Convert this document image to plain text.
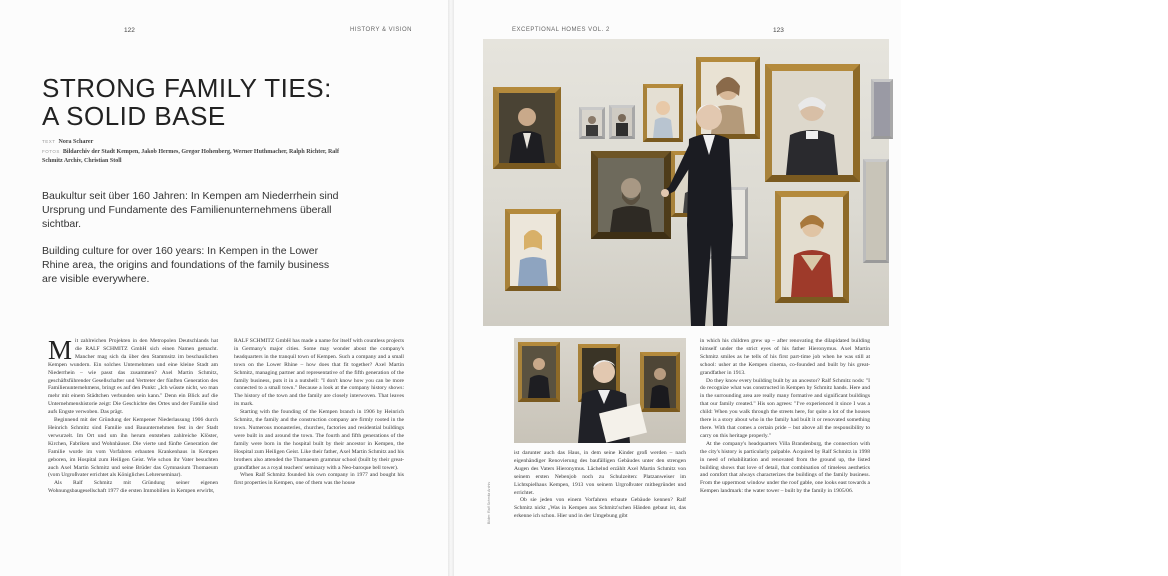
122	HISTORY & VISION	EXCEPTIONAL HOMES VOL. 2	123
STRONG FAMILY TIES:
A SOLID BASE
TEXT Nora Scharer
FOTOS Bildarchiv der Stadt Kempen, Jakob Hermes, Gregor Hohenberg, Werner Huthmacher, Ralph Richter, Ralf Schmitz Archiv, Christian Stoll
Baukultur seit über 160 Jahren: In Kempen am Niederrhein sind Ursprung und Fundamente des Familienunternehmens überall sichtbar.
Building culture for over 160 years: In Kempen in the Lower Rhine area, the origins and foundations of the family business are visible everywhere.

Mit zahlreichen Projekten in den Metropolen Deutschlands hat die RALF SCHMITZ GmbH sich einen Namen gemacht. Mancher mag sich da über den Stammsitz im beschaulichen Kempen wundern. Ein solches Unternehmen und eine kleine Stadt am Niederrhein – wie passt das zusammen? Axel Martin Schmitz, geschäftsführender Gesellschafter und Vertreter der fünften Generation des Familienunternehmens, bringt es auf den Punkt: „Ich wüsste nicht, wo man mehr mit einem Städtchen verbunden sein kann." Denn ein Blick auf die Unternehmenshistorie zeigt: Die Geschichte des Ortes und der Familie sind aufs Engste verwoben. Das prägt.

Beginnend mit der Gründung der Kempener Niederlassung 1906 durch Heinrich Schmitz sind Familie und Bauunternehmen fest in der Stadt verwurzelt. Im Ort und um ihn herum entstehen zahlreiche Klöster, Kirchen, Fabriken und Wohnhäuser. Die vierte und fünfte Generation der Familie wurde im vom Vorfahren erbauten Krankenhaus in Kempen geboren, im Hospital zum Heiligen Geist. Wie schon ihr Vater besuchten auch Axel Martin Schmitz und seine Brüder das Gymnasium Thomaeum (vom Urgroßvater errichtet als Königliches Lehrerseminar).

Als Ralf Schmitz mit Gründung seiner eigenen Wohnungsbaugesellschaft 1977 die ersten Immobilien in Kempen erwirbt,

RALF SCHMITZ GmbH has made a name for itself with countless projects in Germany's major cities. Some may wonder about the company's headquarters in the tranquil town of Kempen. Such a company and a small town on the Lower Rhine – how does that fit together? Axel Martin Schmitz, managing partner and representative of the fifth generation of the family business, puts it in a nutshell: "I don't know how you can be more connected to a small town." Because a look at the company history shows: The history of the town and the family are closely interwoven. That leaves its mark.

Starting with the founding of the Kempen branch in 1906 by Heinrich Schmitz, the family and the construction company are firmly rooted in the town. Numerous monasteries, churches, factories and residential buildings were built in and around the town. The fourth and fifth generations of the family were born in the hospital built by their ancestor in Kempen, the Hospital zum Heiligen Geist. Like their father, Axel Martin Schmitz and his brothers also attended the Thomaeum grammar school (built by their great-grandfather as a royal teachers' seminary with a Neo-baroque bell tower).

When Ralf Schmitz founded his own company in 1977 and bought his first properties in Kempen, one of them was the house

ist darunter auch das Haus, in dem seine Kinder groß werden – nach eigenhändiger Renovierung des baufälligen Gebäudes unter den strengen Augen des Vaters Hieronymus. Lächelnd erzählt Axel Martin Schmitz von seinem ersten Nebenjob noch zu Schulzeiten: Platzanweiser im Lichtspielhaus Kempen, 1913 von seinem Urgroßvater mitbegründet und errichtet.

Ob sie jeden von einem Vorfahren erbaute Gebäude kennen? Ralf Schmitz nickt „Was in Kempen aus Schmitz'schen Händen gebaut ist, das erkenne ich schon. Hier und in der Umgebung gibt

in which his children grew up – after renovating the dilapidated building himself under the strict eyes of his father Hieronymus. Axel Martin Schmitz smiles as he tells of his first part-time job when he was still at school: usher at the Kempen cinema, co-founded and built by his great-grandfather in 1913.

Do they know every building built by an ancestor? Ralf Schmitz nods: "I do recognize what was constructed in Kempen by Schmitz hands. Here and in the surrounding area are really many formative and significant buildings that our family created." His son agrees: "I've experienced it since I was a child: When you walk through the streets here, for quite a lot of the houses there is a story about who in the family had built it or renovated something there. With that comes a certain pride – but above all the responsibility to carry on this heritage properly."

At the company's headquarters Villa Brandenburg, the connection with the city's history is particularly palpable. Acquired by Ralf Schmitz in 1998 in need of rehabilitation and renovated from the ground up, the listed building shows that love of detail, that combination of timeless aesthetics and comfort that always characterizes the buildings of the family business. From the uppermost window under the roof gable, one looks east towards a Kempen landmark: the water tower – built by the family in 1905/06.

Ralf Schmitz im Archivraum des Kempener Stammsitzes vor Porträts seiner Vorfahren im Familienunternehmen
Ralf Schmitz in the archive room of the Kempen headquarters in front of portraits of his ancestors in the family business
Bilder: Ralf Schmitz Archiv
